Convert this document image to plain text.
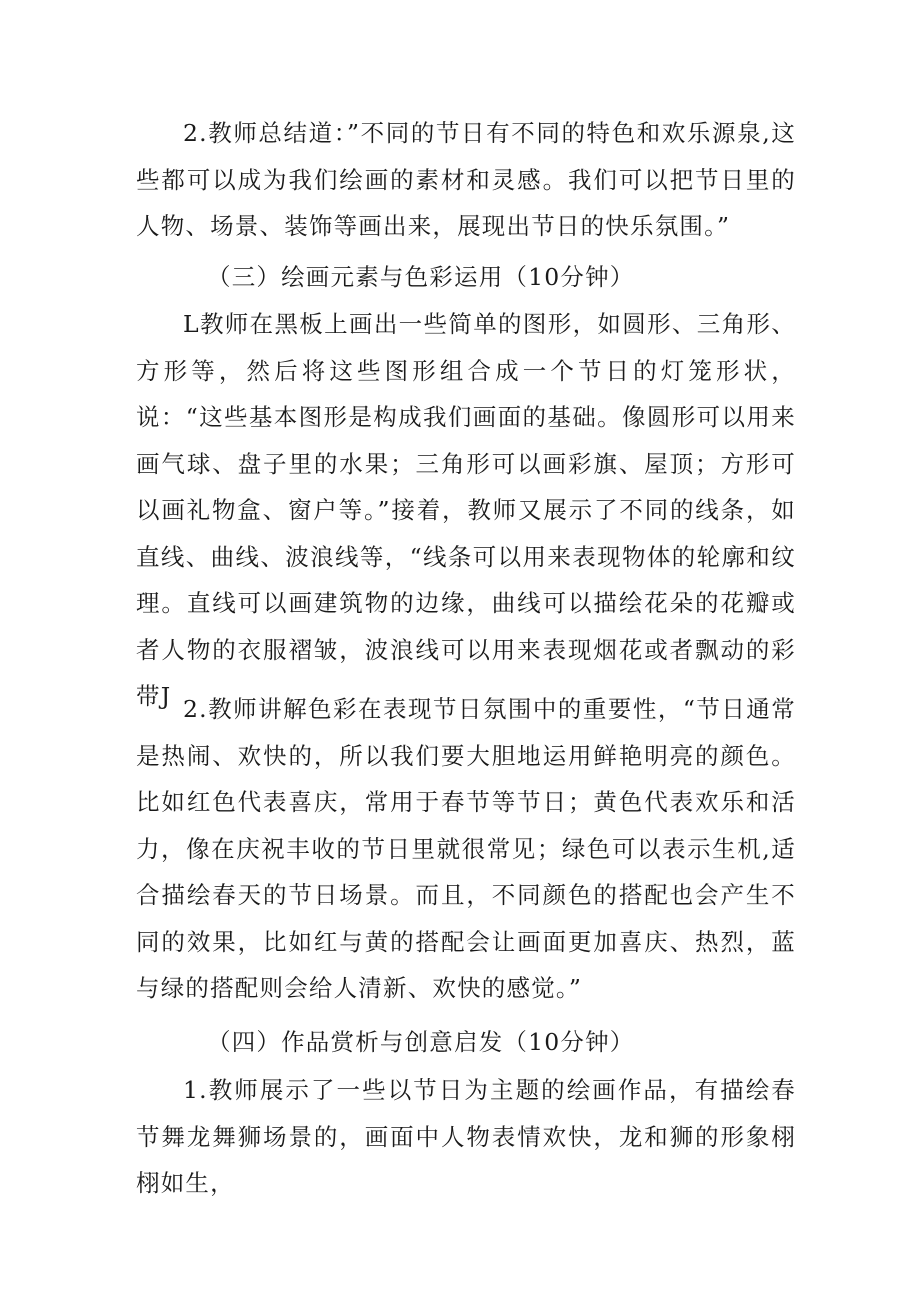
2.教师总结道：”不同的节日有不同的特色和欢乐源泉,这些都可以成为我们绘画的素材和灵感。我们可以把节日里的人物、场景、装饰等画出来，展现出节日的快乐氛围。”

（三）绘画元素与色彩运用（10分钟）

L教师在黑板上画出一些简单的图形，如圆形、三角形、方形等，然后将这些图形组合成一个节日的灯笼形状，说：“这些基本图形是构成我们画面的基础。像圆形可以用来画气球、盘子里的水果；三角形可以画彩旗、屋顶；方形可以画礼物盒、窗户等。”接着，教师又展示了不同的线条，如直线、曲线、波浪线等，“线条可以用来表现物体的轮廓和纹理。直线可以画建筑物的边缘，曲线可以描绘花朵的花瓣或者人物的衣服褶皱，波浪线可以用来表现烟花或者飘动的彩带J 2.教师讲解色彩在表现节日氛围中的重要性，“节日通常是热闹、欢快的，所以我们要大胆地运用鲜艳明亮的颜色。比如红色代表喜庆，常用于春节等节日；黄色代表欢乐和活力，像在庆祝丰收的节日里就很常见；绿色可以表示生机,适合描绘春天的节日场景。而且，不同颜色的搭配也会产生不同的效果，比如红与黄的搭配会让画面更加喜庆、热烈，蓝与绿的搭配则会给人清新、欢快的感觉。”

（四）作品赏析与创意启发（10分钟）

1.教师展示了一些以节日为主题的绘画作品，有描绘春节舞龙舞狮场景的，画面中人物表情欢快，龙和狮的形象栩栩如生，
